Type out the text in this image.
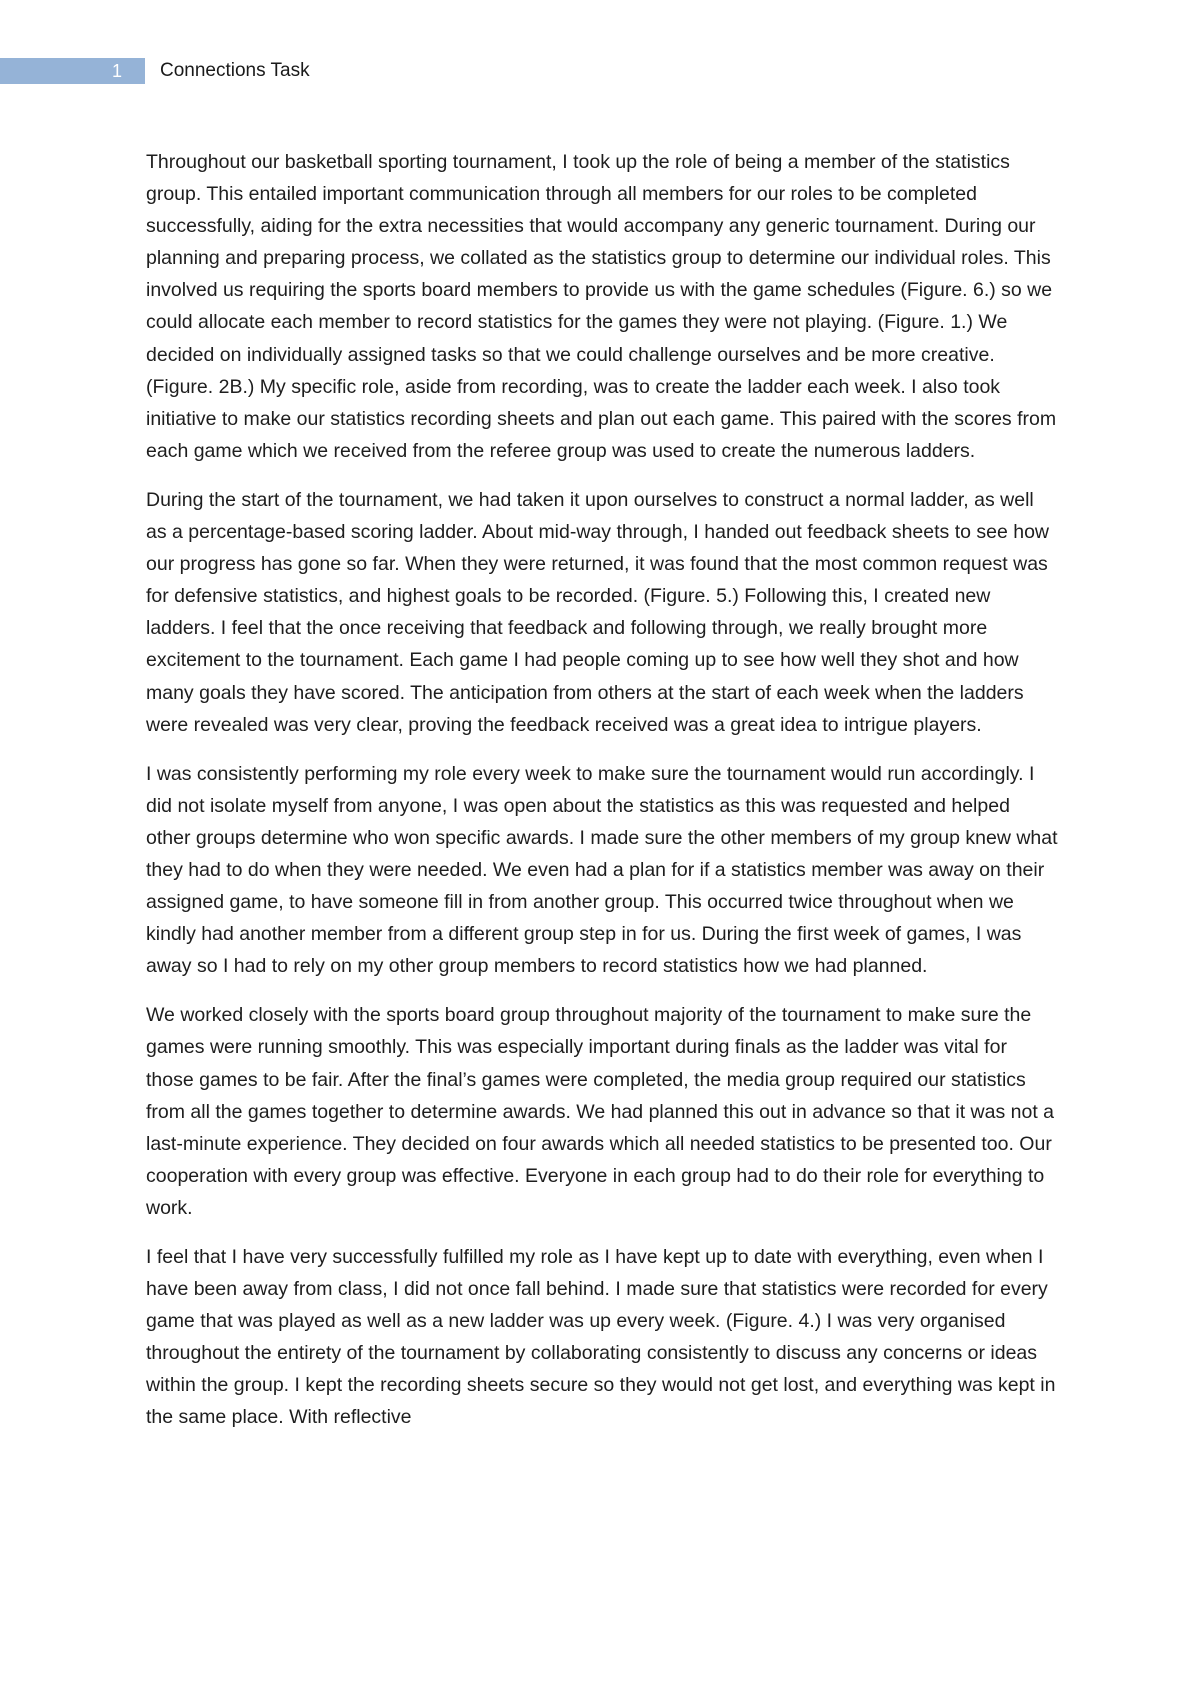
1	Connections Task

Throughout our basketball sporting tournament, I took up the role of being a member of the statistics group. This entailed important communication through all members for our roles to be completed successfully, aiding for the extra necessities that would accompany any generic tournament. During our planning and preparing process, we collated as the statistics group to determine our individual roles. This involved us requiring the sports board members to provide us with the game schedules (Figure. 6.) so we could allocate each member to record statistics for the games they were not playing. (Figure. 1.) We decided on individually assigned tasks so that we could challenge ourselves and be more creative. (Figure. 2B.) My specific role, aside from recording, was to create the ladder each week. I also took initiative to make our statistics recording sheets and plan out each game. This paired with the scores from each game which we received from the referee group was used to create the numerous ladders.

During the start of the tournament, we had taken it upon ourselves to construct a normal ladder, as well as a percentage-based scoring ladder. About mid-way through, I handed out feedback sheets to see how our progress has gone so far. When they were returned, it was found that the most common request was for defensive statistics, and highest goals to be recorded. (Figure. 5.) Following this, I created new ladders. I feel that the once receiving that feedback and following through, we really brought more excitement to the tournament. Each game I had people coming up to see how well they shot and how many goals they have scored. The anticipation from others at the start of each week when the ladders were revealed was very clear, proving the feedback received was a great idea to intrigue players.

I was consistently performing my role every week to make sure the tournament would run accordingly. I did not isolate myself from anyone, I was open about the statistics as this was requested and helped other groups determine who won specific awards. I made sure the other members of my group knew what they had to do when they were needed. We even had a plan for if a statistics member was away on their assigned game, to have someone fill in from another group. This occurred twice throughout when we kindly had another member from a different group step in for us. During the first week of games, I was away so I had to rely on my other group members to record statistics how we had planned.

We worked closely with the sports board group throughout majority of the tournament to make sure the games were running smoothly. This was especially important during finals as the ladder was vital for those games to be fair. After the final’s games were completed, the media group required our statistics from all the games together to determine awards. We had planned this out in advance so that it was not a last-minute experience. They decided on four awards which all needed statistics to be presented too. Our cooperation with every group was effective. Everyone in each group had to do their role for everything to work.

I feel that I have very successfully fulfilled my role as I have kept up to date with everything, even when I have been away from class, I did not once fall behind. I made sure that statistics were recorded for every game that was played as well as a new ladder was up every week. (Figure. 4.) I was very organised throughout the entirety of the tournament by collaborating consistently to discuss any concerns or ideas within the group. I kept the recording sheets secure so they would not get lost, and everything was kept in the same place. With reflective
